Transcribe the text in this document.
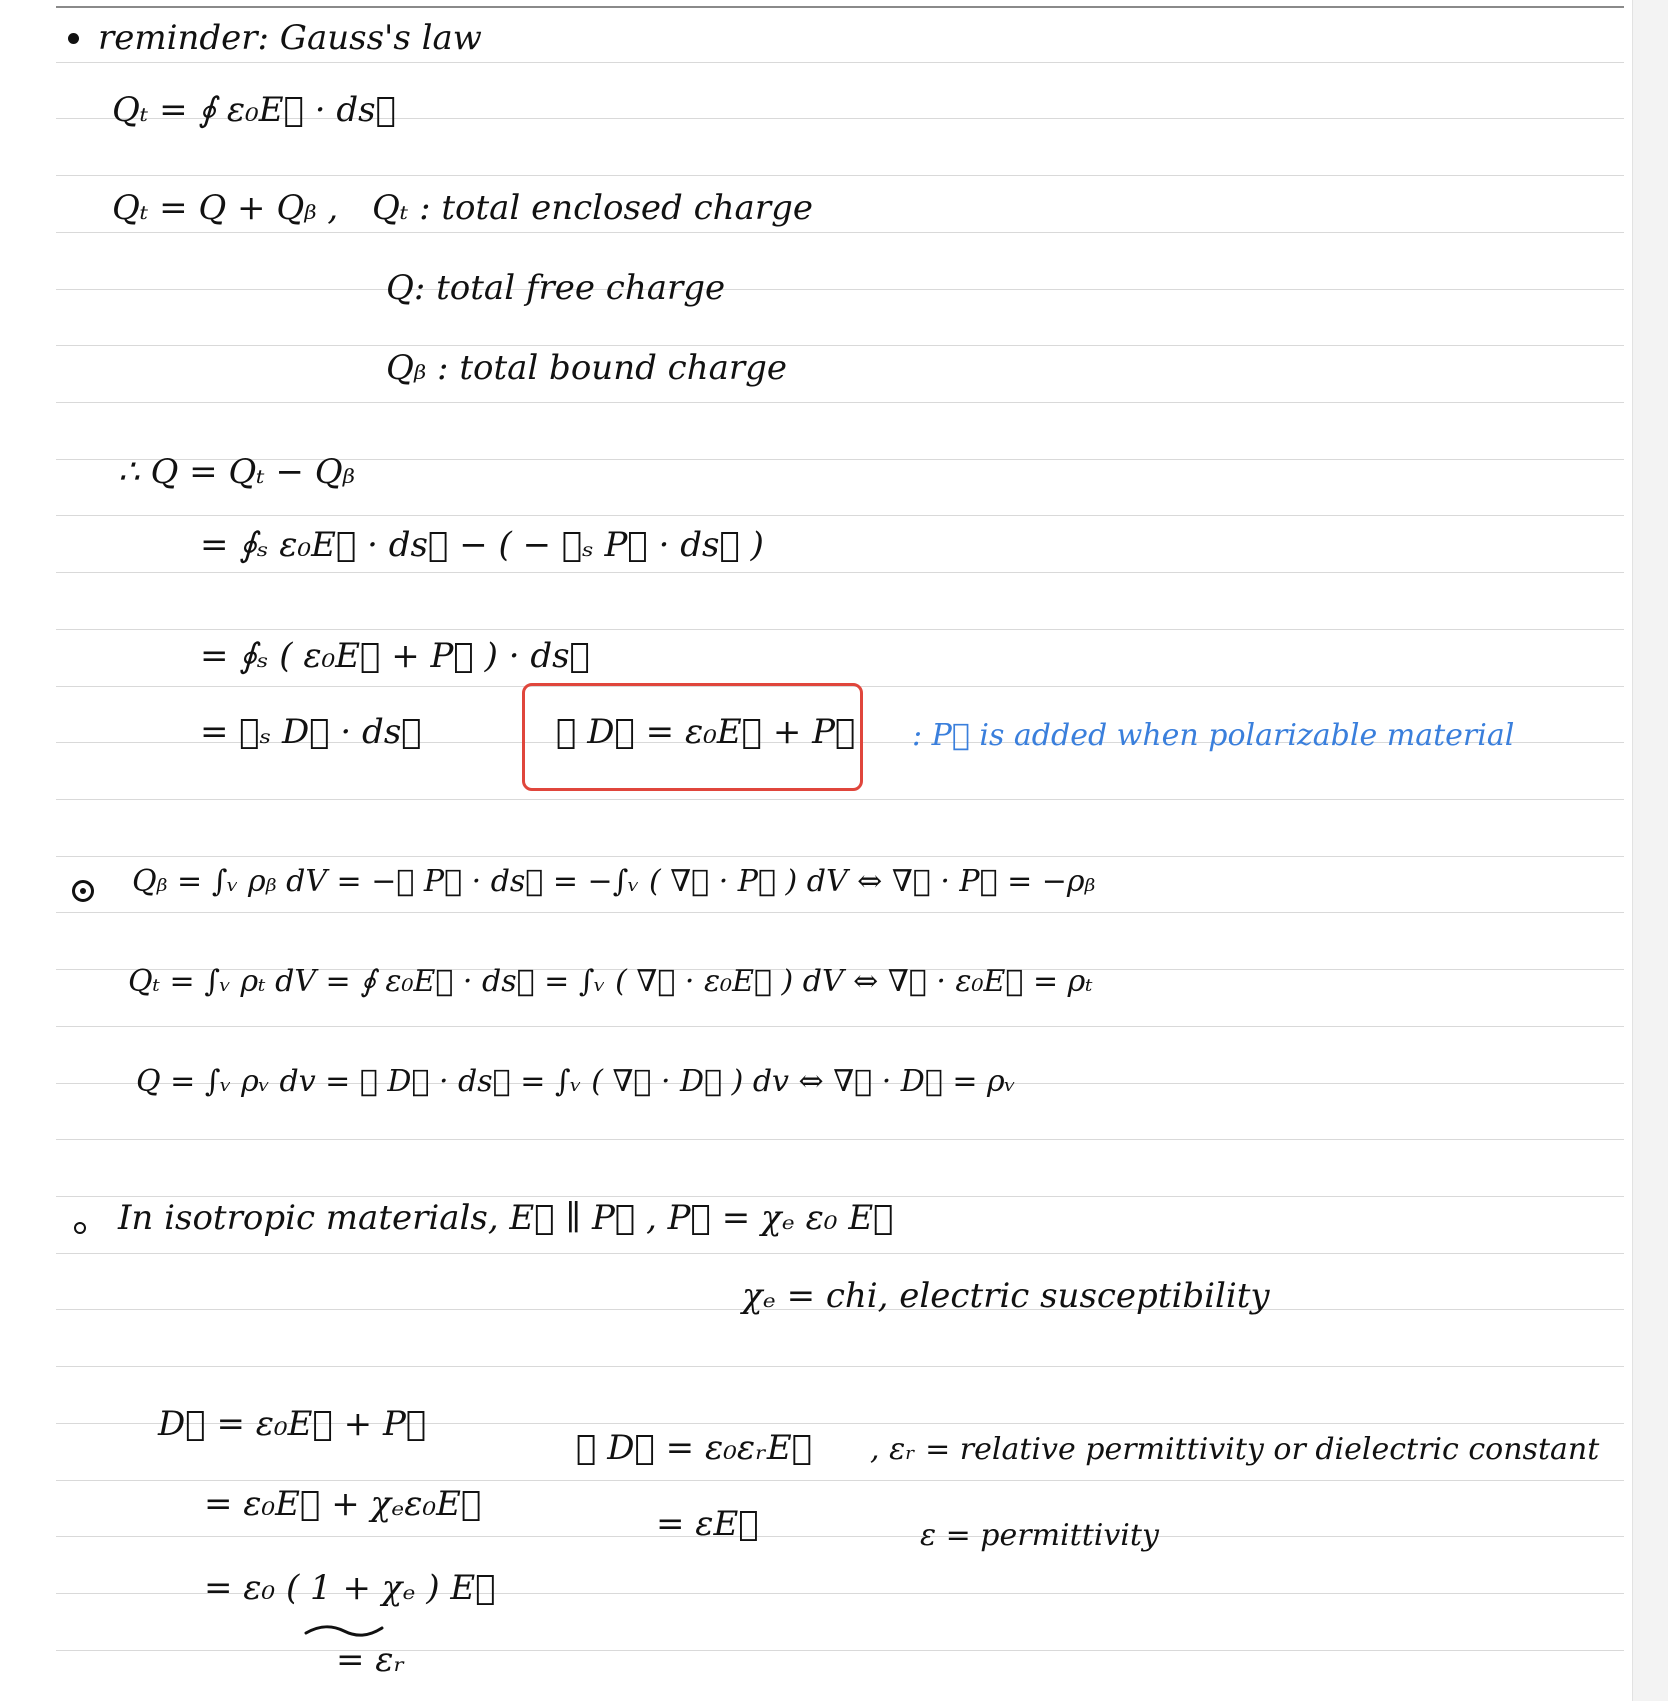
reminder: Gauss's law
Qₜ = ∮ ε₀E⃗ · ds⃗
Qₜ = Q + Qᵦ , Qₜ : total enclosed charge
Q: total free charge
Qᵦ : total bound charge
∴ Q = Qₜ − Qᵦ
= ∮ₛ ε₀E⃗ · ds⃗ − ( − ∮ₛ P⃗ · ds⃗ )
= ∮ₛ ( ε₀E⃗ + P⃗ ) · ds⃗
= ∮ₛ D⃗ · ds⃗	∴ D⃗ = ε₀E⃗ + P⃗ : P⃗ is added when polarizable material
Qᵦ = ∫ᵥ ρᵦ dV = −∮ P⃗ · ds⃗ = −∫ᵥ ( ∇⃗ · P⃗ ) dV ⇔ ∇⃗ · P⃗ = −ρᵦ
Qₜ = ∫ᵥ ρₜ dV = ∮ ε₀E⃗ · ds⃗ = ∫ᵥ ( ∇⃗ · ε₀E⃗ ) dV ⇔ ∇⃗ · ε₀E⃗ = ρₜ
Q = ∫ᵥ ρᵥ dv = ∮ D⃗ · ds⃗ = ∫ᵥ ( ∇⃗ · D⃗ ) dv ⇔ ∇⃗ · D⃗ = ρᵥ
In isotropic materials, E⃗ ∥ P⃗ , P⃗ = χₑ ε₀ E⃗
χₑ = chi, electric susceptibility
D⃗ = ε₀E⃗ + P⃗
= ε₀E⃗ + χₑε₀E⃗
= ε₀ ( 1 + χₑ ) E⃗
= εᵣ
∴ D⃗ = ε₀εᵣE⃗
= εE⃗
, εᵣ = relative permittivity or dielectric constant
ε = permittivity
